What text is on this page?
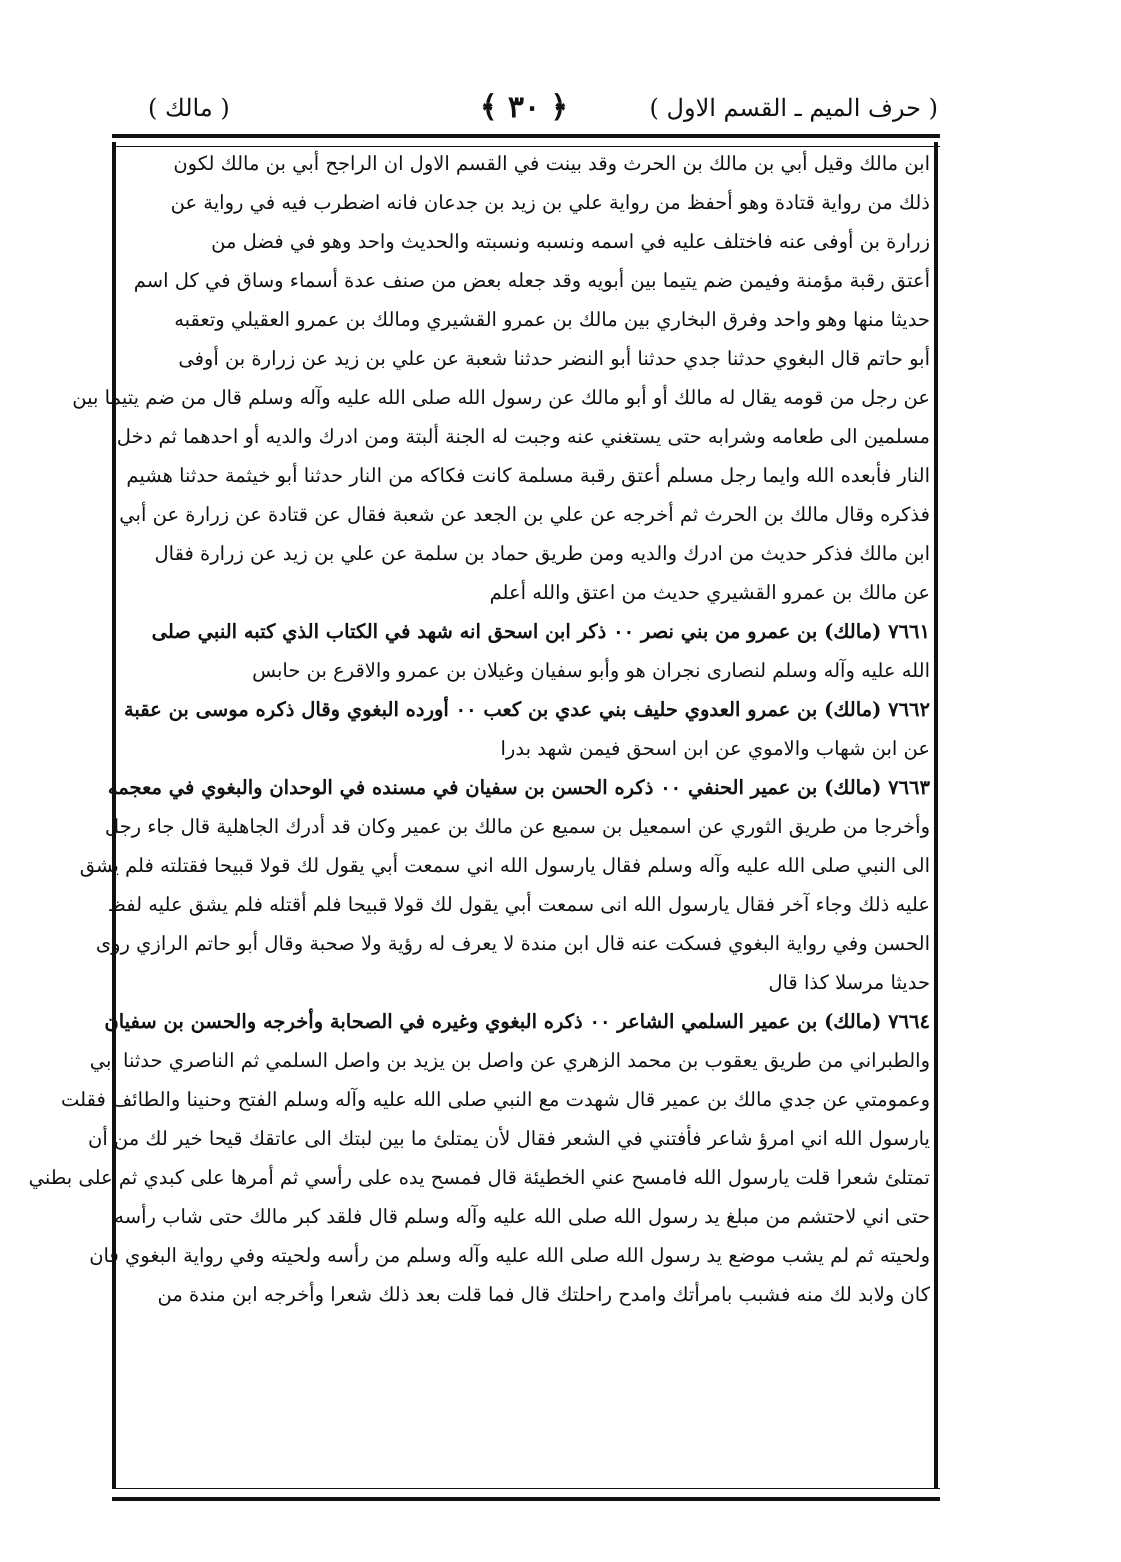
( حرف الميم ـ القسم الاول )
﴿ ٣٠ ﴾
( مالك )
ابن مالك وقيل أبي بن مالك بن الحرث وقد بينت في القسم الاول ان الراجح أبي بن مالك لكون
ذلك من رواية قتادة وهو أحفظ من رواية علي بن زيد بن جدعان فانه اضطرب فيه في رواية عن
زرارة بن أوفى عنه فاختلف عليه في اسمه ونسبه ونسبته والحديث واحد وهو في فضل من
أعتق رقبة مؤمنة وفيمن ضم يتيما بين أبويه وقد جعله بعض من صنف عدة أسماء وساق في كل اسم
حديثا منها وهو واحد وفرق البخاري بين مالك بن عمرو القشيري ومالك بن عمرو العقيلي وتعقبه
أبو حاتم قال البغوي حدثنا جدي حدثنا أبو النضر حدثنا شعبة عن علي بن زيد عن زرارة بن أوفى
عن رجل من قومه يقال له مالك أو أبو مالك عن رسول الله صلى الله عليه وآله وسلم قال من ضم يتيما بين
مسلمين الى طعامه وشرابه حتى يستغني عنه وجبت له الجنة ألبتة ومن ادرك والديه أو احدهما ثم دخل
النار فأبعده الله وايما رجل مسلم أعتق رقبة مسلمة كانت فكاكه من النار حدثنا أبو خيثمة حدثنا هشيم
فذكره وقال مالك بن الحرث ثم أخرجه عن علي بن الجعد عن شعبة فقال عن قتادة عن زرارة عن أبي
ابن مالك فذكر حديث من ادرك والديه ومن طريق حماد بن سلمة عن علي بن زيد عن زرارة فقال
عن مالك بن عمرو القشيري حديث من اعتق والله أعلم
٧٦٦١ (مالك) بن عمرو من بني نصر ٠٠ ذكر ابن اسحق انه شهد في الكتاب الذي كتبه النبي صلى
الله عليه وآله وسلم لنصارى نجران هو وأبو سفيان وغيلان بن عمرو والاقرع بن حابس
٧٦٦٢ (مالك) بن عمرو العدوي حليف بني عدي بن كعب ٠٠ أورده البغوي وقال ذكره موسى بن عقبة
عن ابن شهاب والاموي عن ابن اسحق فيمن شهد بدرا
٧٦٦٣ (مالك) بن عمير الحنفي ٠٠ ذكره الحسن بن سفيان في مسنده في الوحدان والبغوي في معجمه
وأخرجا من طريق الثوري عن اسمعيل بن سميع عن مالك بن عمير وكان قد أدرك الجاهلية قال جاء رجل
الى النبي صلى الله عليه وآله وسلم فقال يارسول الله اني سمعت أبي يقول لك قولا قبيحا فقتلته فلم يشق
عليه ذلك وجاء آخر فقال يارسول الله انى سمعت أبي يقول لك قولا قبيحا فلم أقتله فلم يشق عليه لفظ
الحسن وفي رواية البغوي فسكت عنه قال ابن مندة لا يعرف له رؤية ولا صحبة وقال أبو حاتم الرازي روى
حديثا مرسلا كذا قال
٧٦٦٤ (مالك) بن عمير السلمي الشاعر ٠٠ ذكره البغوي وغيره في الصحابة وأخرجه والحسن بن سفيان
والطبراني من طريق يعقوب بن محمد الزهري عن واصل بن يزيد بن واصل السلمي ثم الناصري حدثنا أبي
وعمومتي عن جدي مالك بن عمير قال شهدت مع النبي صلى الله عليه وآله وسلم الفتح وحنينا والطائف فقلت
يارسول الله اني امرؤ شاعر فأفتني في الشعر فقال لأن يمتلئ ما بين لبتك الى عاتقك قيحا خير لك من أن
تمتلئ شعرا قلت يارسول الله فامسح عني الخطيئة قال فمسح يده على رأسي ثم أمرها على كبدي ثم على بطني
حتى اني لاحتشم من مبلغ يد رسول الله صلى الله عليه وآله وسلم قال فلقد كبر مالك حتى شاب رأسه
ولحيته ثم لم يشب موضع يد رسول الله صلى الله عليه وآله وسلم من رأسه ولحيته وفي رواية البغوي فان
كان ولابد لك منه فشبب بامرأتك وامدح راحلتك قال فما قلت بعد ذلك شعرا وأخرجه ابن مندة من
